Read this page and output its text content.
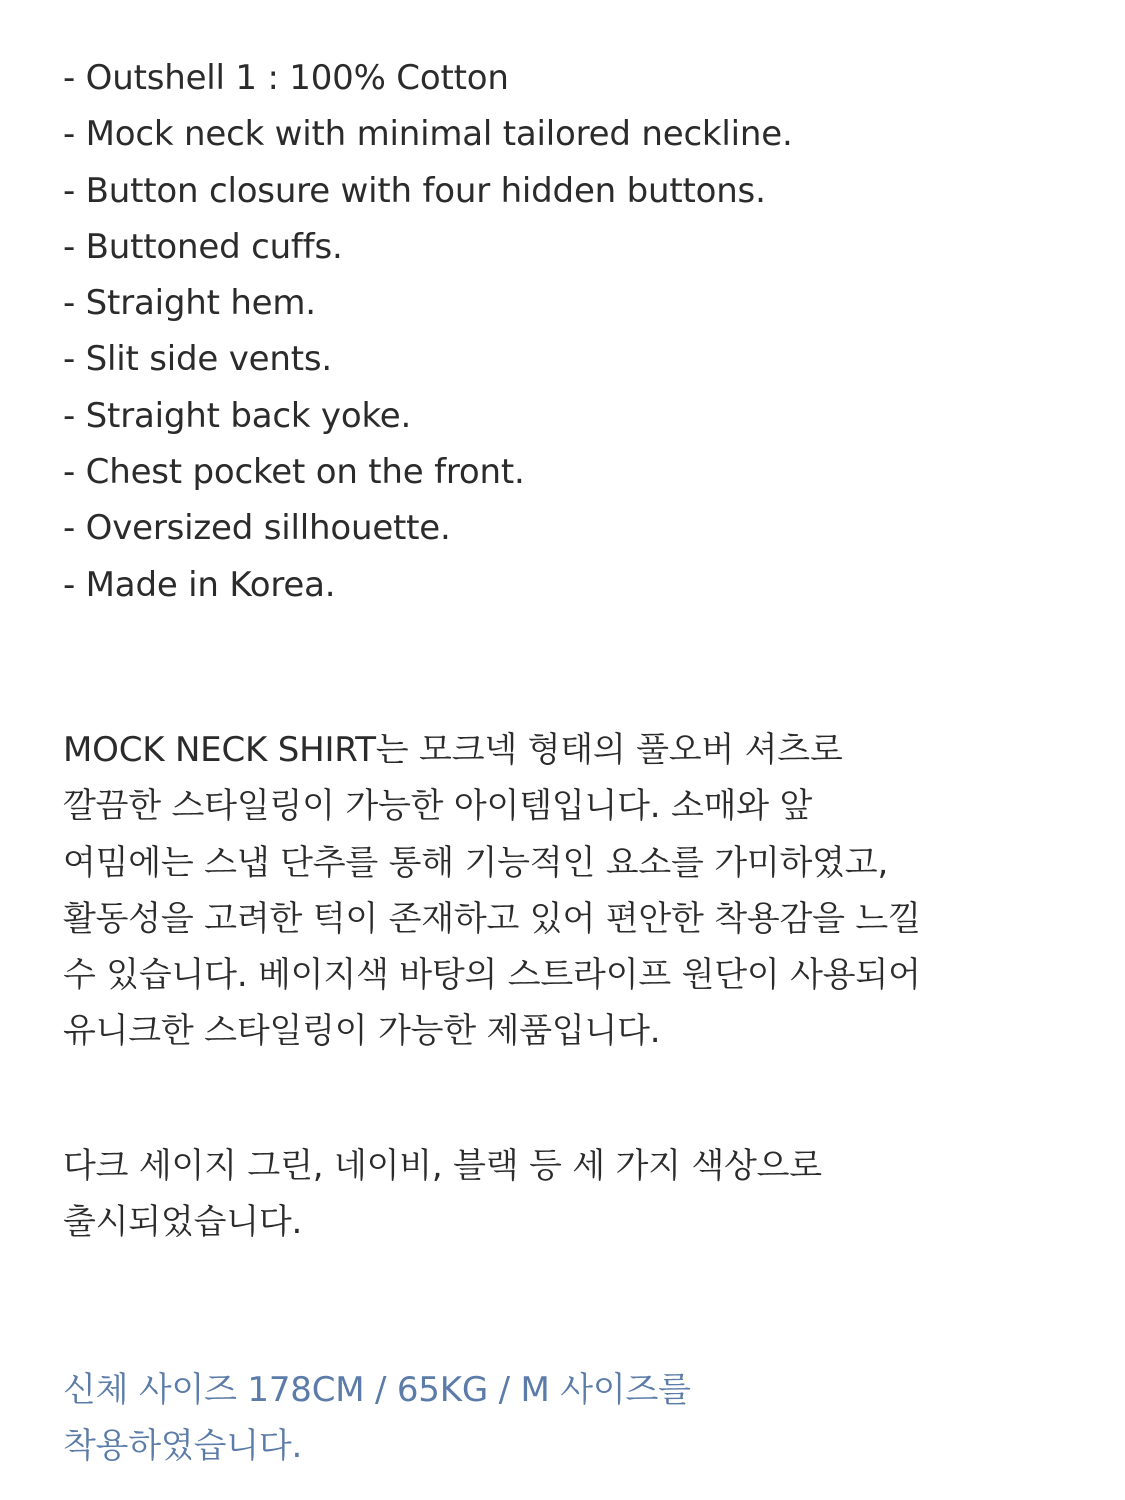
- Outshell 1 : 100% Cotton
- Mock neck with minimal tailored neckline.
- Button closure with four hidden buttons.
- Buttoned cuffs.
- Straight hem.
- Slit side vents.
- Straight back yoke.
- Chest pocket on the front.
- Oversized sillhouette.
- Made in Korea.

MOCK NECK SHIRT는 모크넥 형태의 풀오버 셔츠로
깔끔한 스타일링이 가능한 아이템입니다. 소매와 앞
여밈에는 스냅 단추를 통해 기능적인 요소를 가미하였고,
활동성을 고려한 턱이 존재하고 있어 편안한 착용감을 느낄
수 있습니다. 베이지색 바탕의 스트라이프 원단이 사용되어
유니크한 스타일링이 가능한 제품입니다.

다크 세이지 그린, 네이비, 블랙 등 세 가지 색상으로
출시되었습니다.

신체 사이즈 178CM / 65KG / M 사이즈를
착용하였습니다.
